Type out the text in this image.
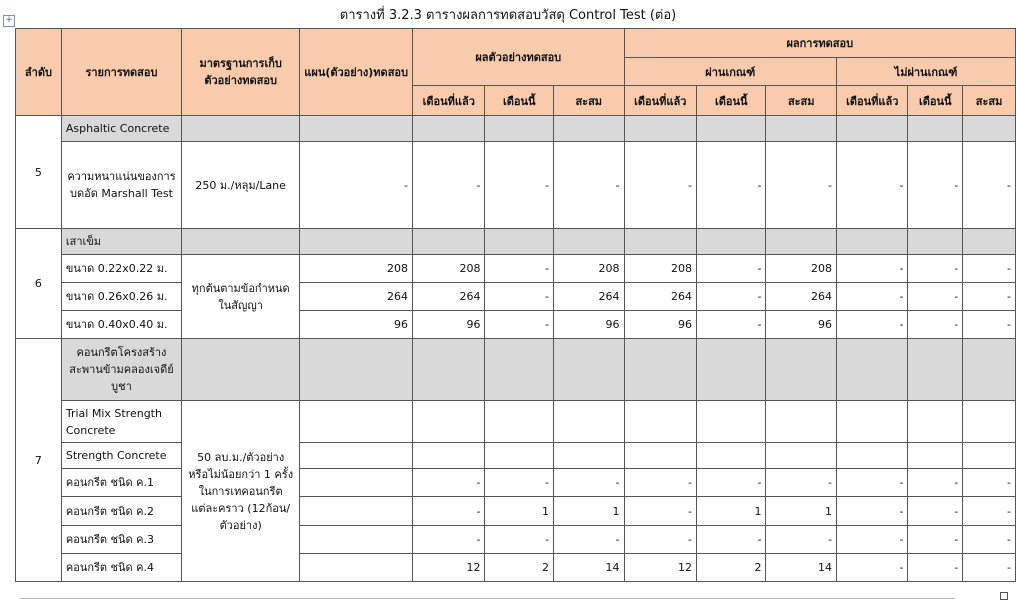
ตารางที่ 3.2.3 ตารางผลการทดสอบวัสดุ Control Test (ต่อ)
+
ลำดับ	รายการทดสอบ	มาตรฐานการเก็บตัวอย่างทดสอบ	แผน(ตัวอย่าง)ทดสอบ	ผลตัวอย่างทดสอบ			ผลการทดสอบ					
							ผ่านเกณฑ์			ไม่ผ่านเกณฑ์		
				เดือนที่แล้ว	เดือนนี้	สะสม	เดือนที่แล้ว	เดือนนี้	สะสม	เดือนที่แล้ว	เดือนนี้	สะสม
5	Asphaltic Concrete											
	ความหนาแน่นของการบดอัด Marshall Test	250 ม./หลุม/Lane	-	-	-	-	-	-	-	-	-	-
6	เสาเข็ม											
	ขนาด 0.22x0.22 ม.	ทุกต้นตามข้อกำหนดในสัญญา	208	208	-	208	208	-	208	-	-	-
	ขนาด 0.26x0.26 ม.		264	264	-	264	264	-	264	-	-	-
	ขนาด 0.40x0.40 ม.		96	96	-	96	96	-	96	-	-	-
7	คอนกรีตโครงสร้างสะพานข้ามคลองเจดีย์บูชา											
	Trial Mix Strength Concrete	50 ลบ.ม./ตัวอย่าง หรือไม่น้อยกว่า 1 ครั้งในการเทคอนกรีตแต่ละคราว (12ก้อน/ตัวอย่าง)										
	Strength Concrete											
	คอนกรีต ชนิด ค.1			-	-	-	-	-	-	-	-	-
	คอนกรีต ชนิด ค.2			-	1	1	-	1	1	-	-	-
	คอนกรีต ชนิด ค.3			-	-	-	-	-	-	-	-	-
	คอนกรีต ชนิด ค.4			12	2	14	12	2	14	-	-	-
